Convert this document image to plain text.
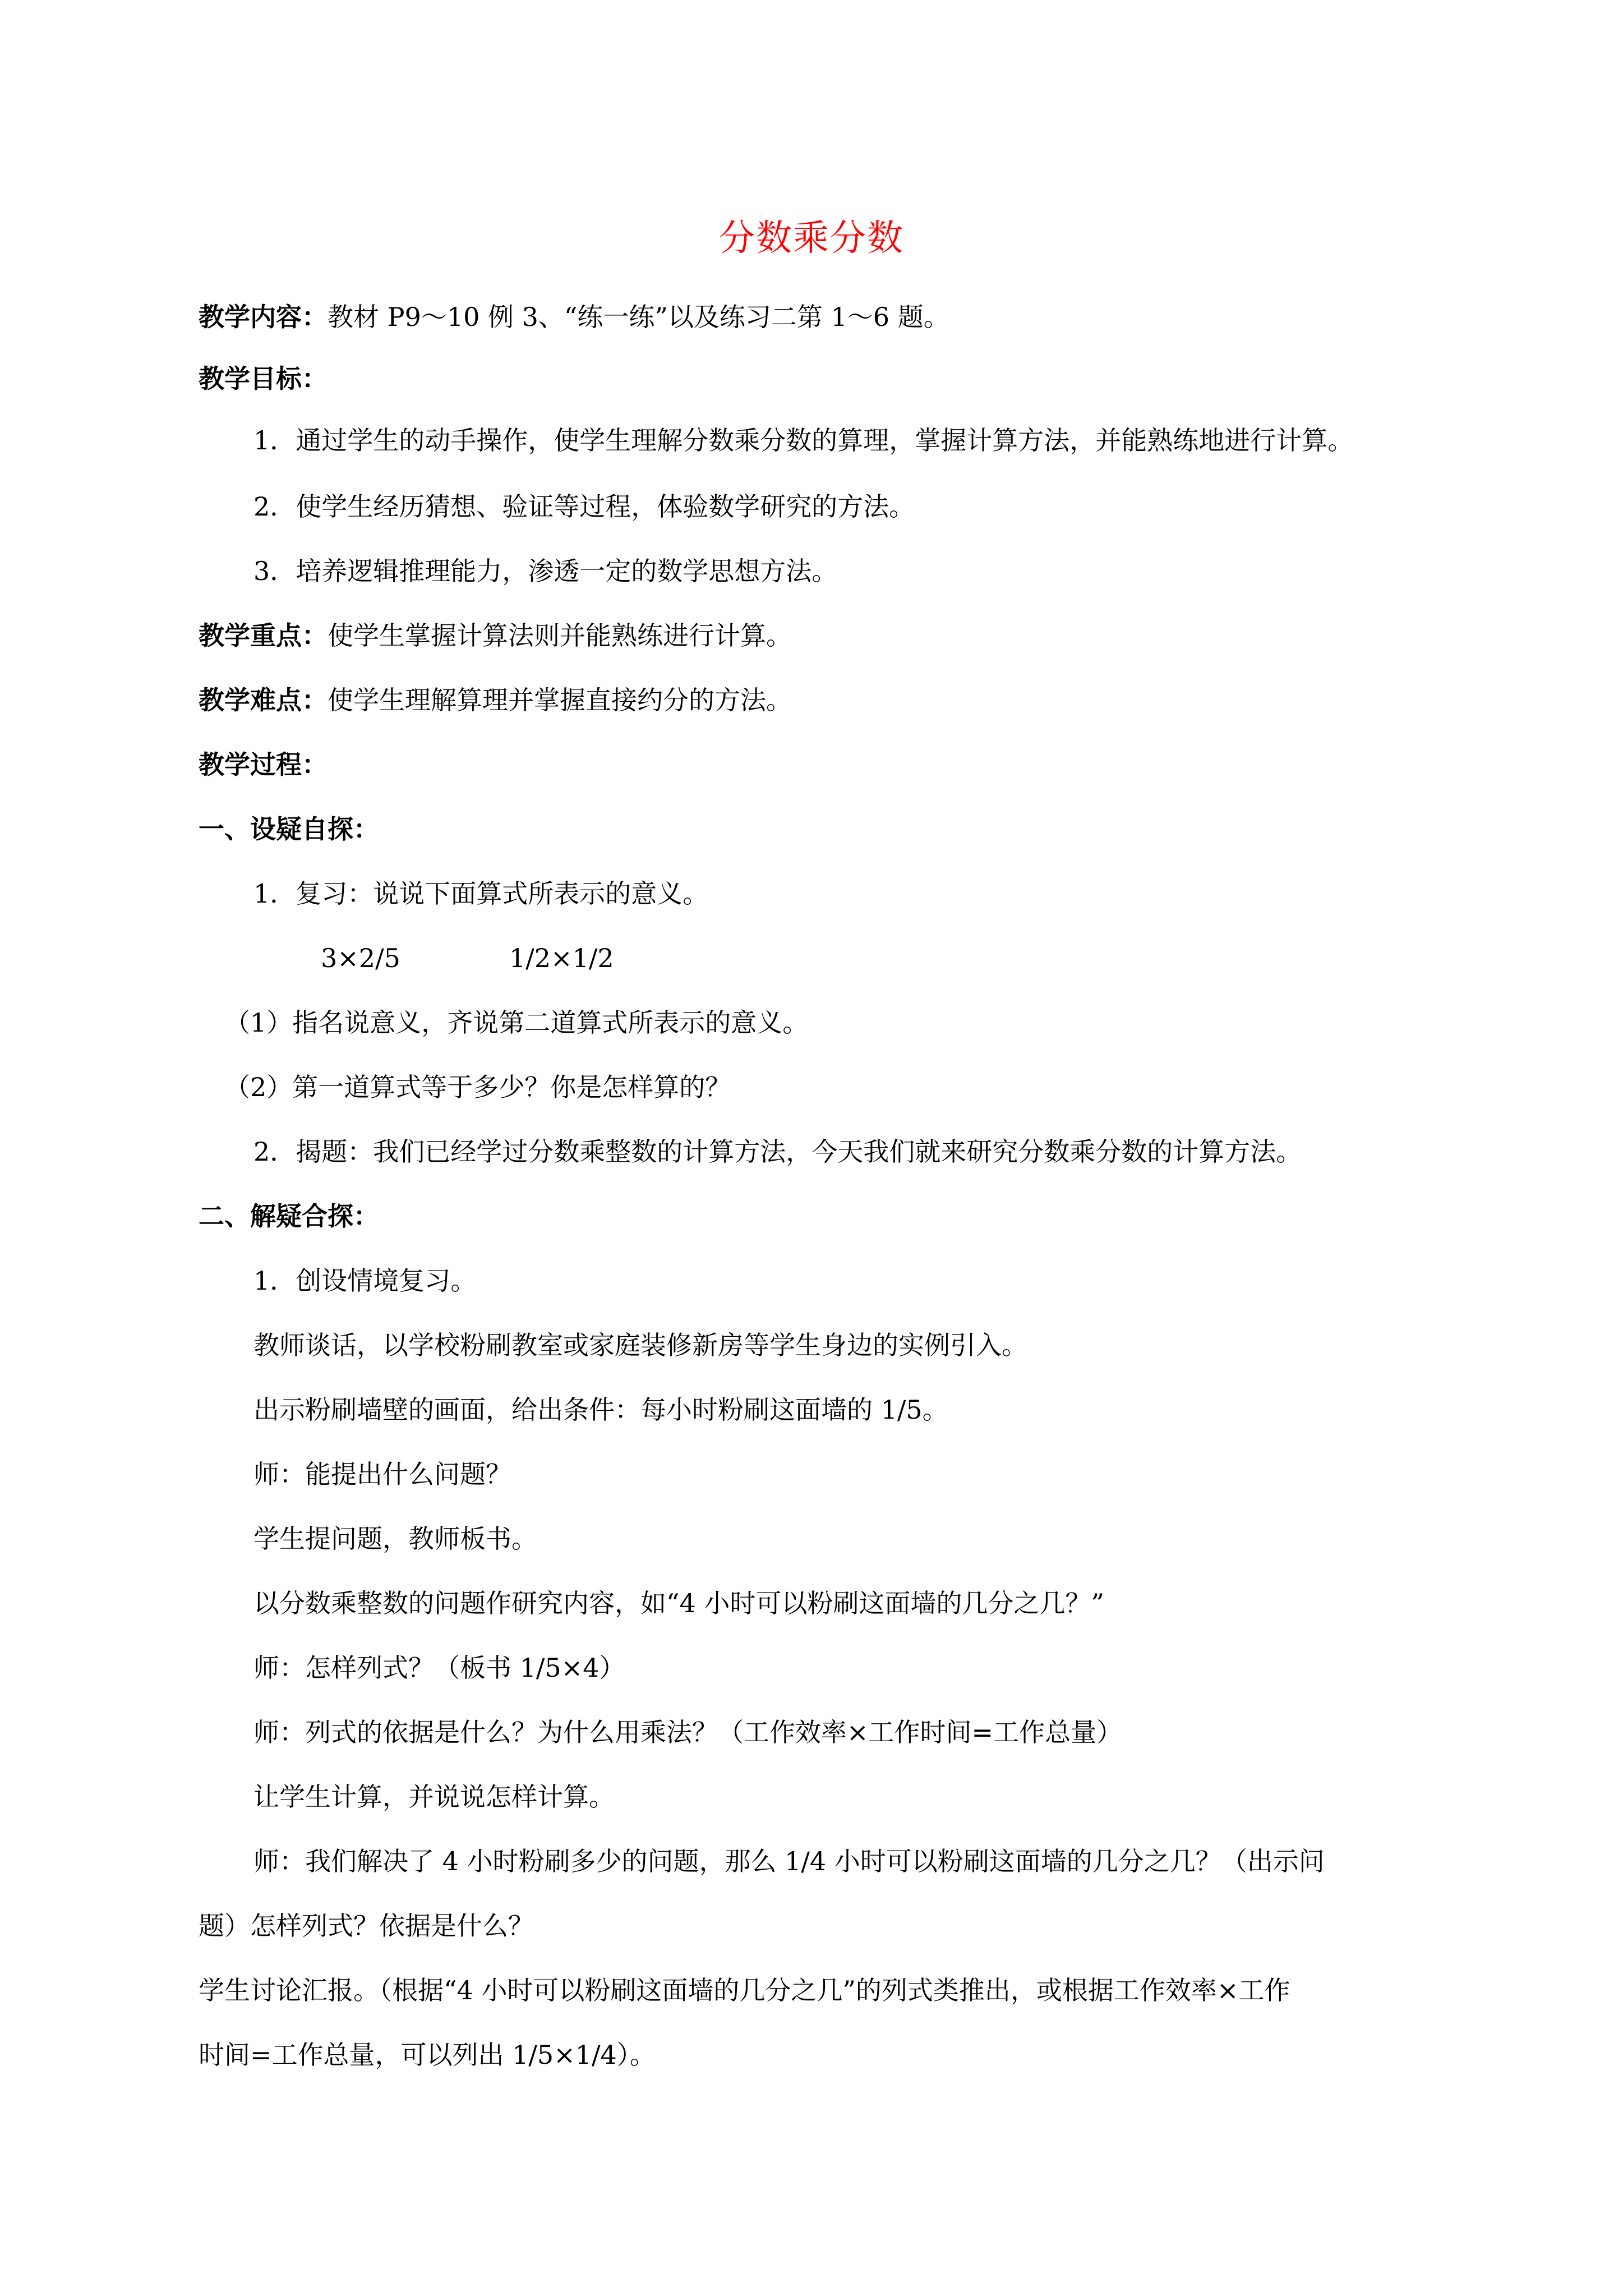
分数乘分数
教学内容：教材 P9～10 例 3、“练一练”以及练习二第 1～6 题。
教学目标：
1．通过学生的动手操作，使学生理解分数乘分数的算理，掌握计算方法，并能熟练地进行计算。
2．使学生经历猜想、验证等过程，体验数学研究的方法。
3．培养逻辑推理能力，渗透一定的数学思想方法。
教学重点：使学生掌握计算法则并能熟练进行计算。
教学难点：使学生理解算理并掌握直接约分的方法。
教学过程：
一、设疑自探：
1．复习：说说下面算式所表示的意义。
3×2/5	1/2×1/2
（1）指名说意义，齐说第二道算式所表示的意义。
（2）第一道算式等于多少？你是怎样算的？
2．揭题：我们已经学过分数乘整数的计算方法，今天我们就来研究分数乘分数的计算方法。
二、解疑合探：
1．创设情境复习。
教师谈话，以学校粉刷教室或家庭装修新房等学生身边的实例引入。
出示粉刷墙壁的画面，给出条件：每小时粉刷这面墙的 1/5。
师：能提出什么问题？
学生提问题，教师板书。
以分数乘整数的问题作研究内容，如“4 小时可以粉刷这面墙的几分之几？”
师：怎样列式？（板书 1/5×4）
师：列式的依据是什么？为什么用乘法？（工作效率×工作时间=工作总量）
让学生计算，并说说怎样计算。
师：我们解决了 4 小时粉刷多少的问题，那么 1/4 小时可以粉刷这面墙的几分之几？（出示问
题）怎样列式？依据是什么？
学生讨论汇报。（根据“4 小时可以粉刷这面墙的几分之几”的列式类推出，或根据工作效率×工作
时间=工作总量，可以列出 1/5×1/4）。
